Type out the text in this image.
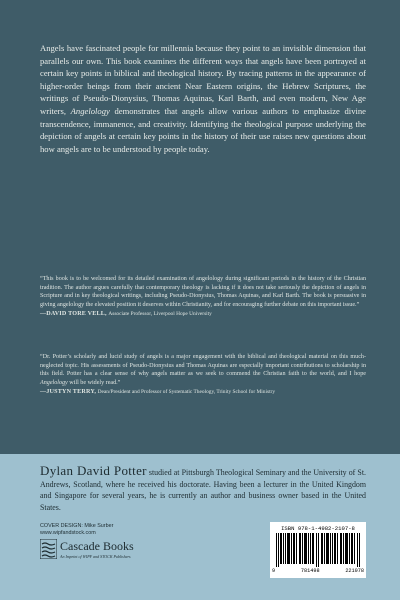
Angels have fascinated people for millennia because they point to an invisible dimension that parallels our own. This book examines the different ways that angels have been portrayed at certain key points in biblical and theological history. By tracing patterns in the appearance of higher-order beings from their ancient Near Eastern origins, the Hebrew Scriptures, the writings of Pseudo-Dionysius, Thomas Aquinas, Karl Barth, and even modern, New Age writers, Angelology demonstrates that angels allow various authors to emphasize divine transcendence, immanence, and creativity. Identifying the theological purpose underlying the depiction of angels at certain key points in the history of their use raises new questions about how angels are to be understood by people today.

“This book is to be welcomed for its detailed examination of angelology during significant periods in the history of the Christian tradition. The author argues carefully that contemporary theology is lacking if it does not take seriously the depiction of angels in Scripture and in key theological writings, including Pseudo-Dionysius, Thomas Aquinas, and Karl Barth. The book is persuasive in giving angelology the elevated position it deserves within Christianity, and for encouraging further debate on this important issue.”
—DAVID TORE VELL, Associate Professor, Liverpool Hope University

“Dr. Potter’s scholarly and lucid study of angels is a major engagement with the biblical and theological material on this much-neglected topic. His assessments of Pseudo-Dionysius and Thomas Aquinas are especially important contributions to scholarship in this field. Potter has a clear sense of why angels matter as we seek to commend the Christian faith to the world, and I hope Angelology will be widely read.”
—JUSTYN TERRY, Dean/President and Professor of Systematic Theology, Trinity School for Ministry

Dylan David Potter studied at Pittsburgh Theological Seminary and the University of St. Andrews, Scotland, where he received his doctorate. Having been a lecturer in the United Kingdom and Singapore for several years, he is currently an author and business owner based in the United States.

COVER DESIGN: Mike Surber
www.wipfandstock.com
Cascade Books
An Imprint of WIPF and STOCK Publishers
ISBN 978-1-4982-2107-8
9	781498	221078
